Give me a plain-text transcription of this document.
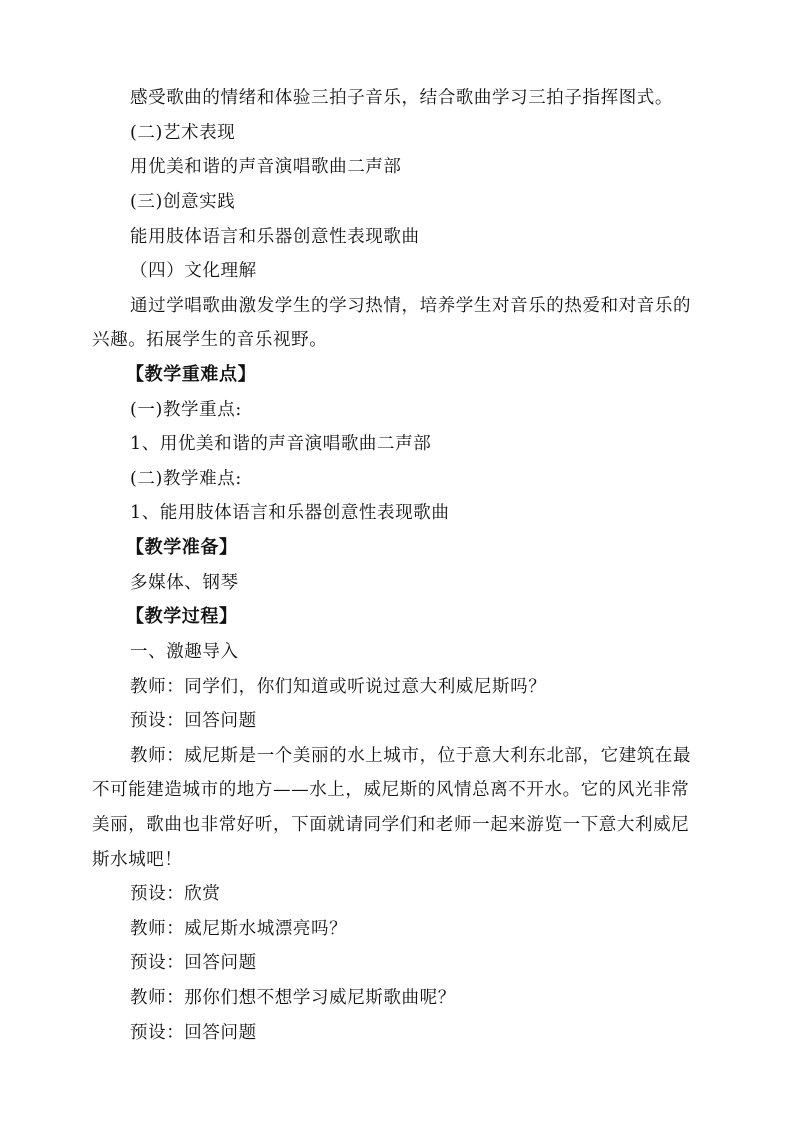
感受歌曲的情绪和体验三拍子音乐，结合歌曲学习三拍子指挥图式。
(二)艺术表现
用优美和谐的声音演唱歌曲二声部
(三)创意实践
能用肢体语言和乐器创意性表现歌曲
（四）文化理解
通过学唱歌曲激发学生的学习热情，培养学生对音乐的热爱和对音乐的
兴趣。拓展学生的音乐视野。
【教学重难点】
(一)教学重点:
1、用优美和谐的声音演唱歌曲二声部
(二)教学难点:
1、能用肢体语言和乐器创意性表现歌曲
【教学准备】
多媒体、钢琴
【教学过程】
一、激趣导入
教师：同学们，你们知道或听说过意大利威尼斯吗？
预设：回答问题
教师：威尼斯是一个美丽的水上城市，位于意大利东北部，它建筑在最
不可能建造城市的地方——水上，威尼斯的风情总离不开水。它的风光非常
美丽，歌曲也非常好听，下面就请同学们和老师一起来游览一下意大利威尼
斯水城吧！
预设：欣赏
教师：威尼斯水城漂亮吗？
预设：回答问题
教师：那你们想不想学习威尼斯歌曲呢？
预设：回答问题
